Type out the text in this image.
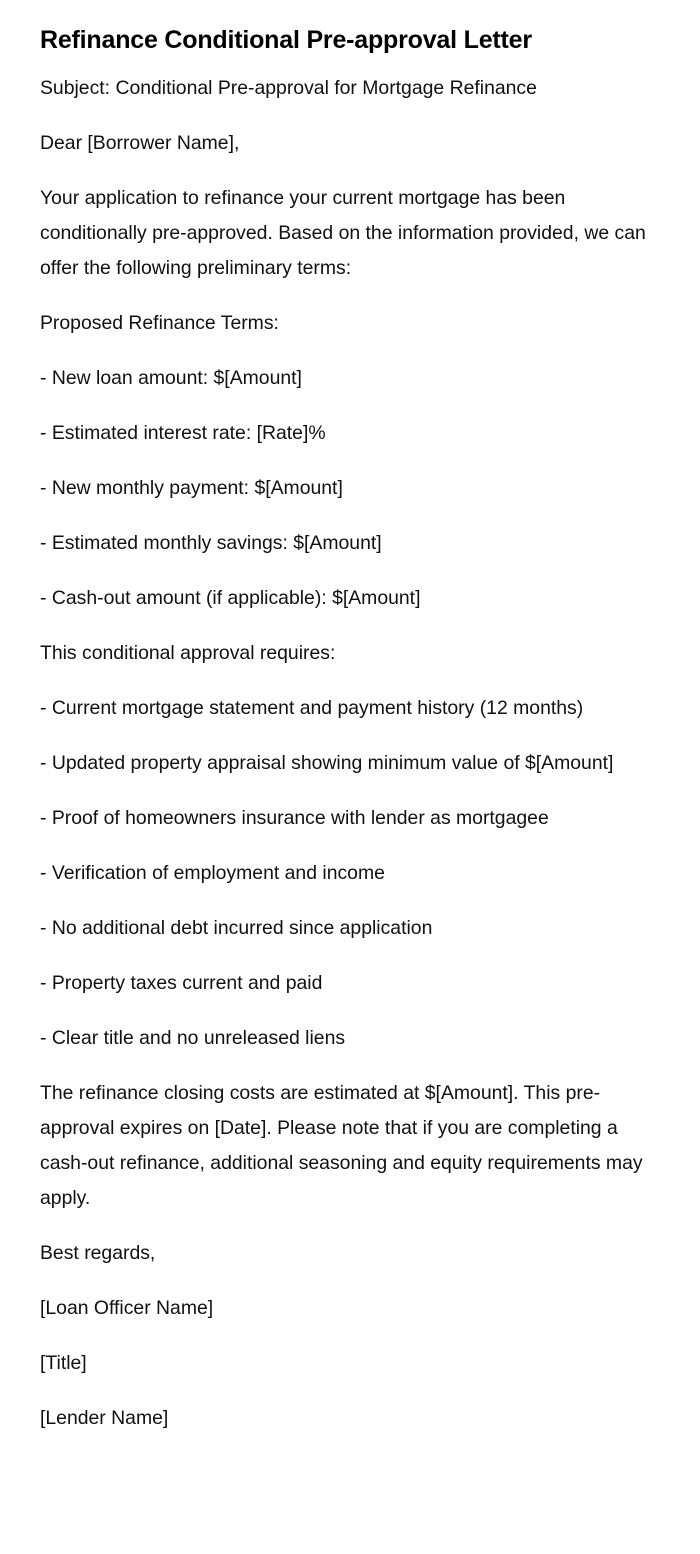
Refinance Conditional Pre-approval Letter

Subject: Conditional Pre-approval for Mortgage Refinance

Dear [Borrower Name],

Your application to refinance your current mortgage has been conditionally pre-approved. Based on the information provided, we can offer the following preliminary terms:

Proposed Refinance Terms:

- New loan amount: $[Amount]

- Estimated interest rate: [Rate]%

- New monthly payment: $[Amount]

- Estimated monthly savings: $[Amount]

- Cash-out amount (if applicable): $[Amount]

This conditional approval requires:

- Current mortgage statement and payment history (12 months)

- Updated property appraisal showing minimum value of $[Amount]

- Proof of homeowners insurance with lender as mortgagee

- Verification of employment and income

- No additional debt incurred since application

- Property taxes current and paid

- Clear title and no unreleased liens

The refinance closing costs are estimated at $[Amount]. This pre-approval expires on [Date]. Please note that if you are completing a cash-out refinance, additional seasoning and equity requirements may apply.

Best regards,

[Loan Officer Name]

[Title]

[Lender Name]
